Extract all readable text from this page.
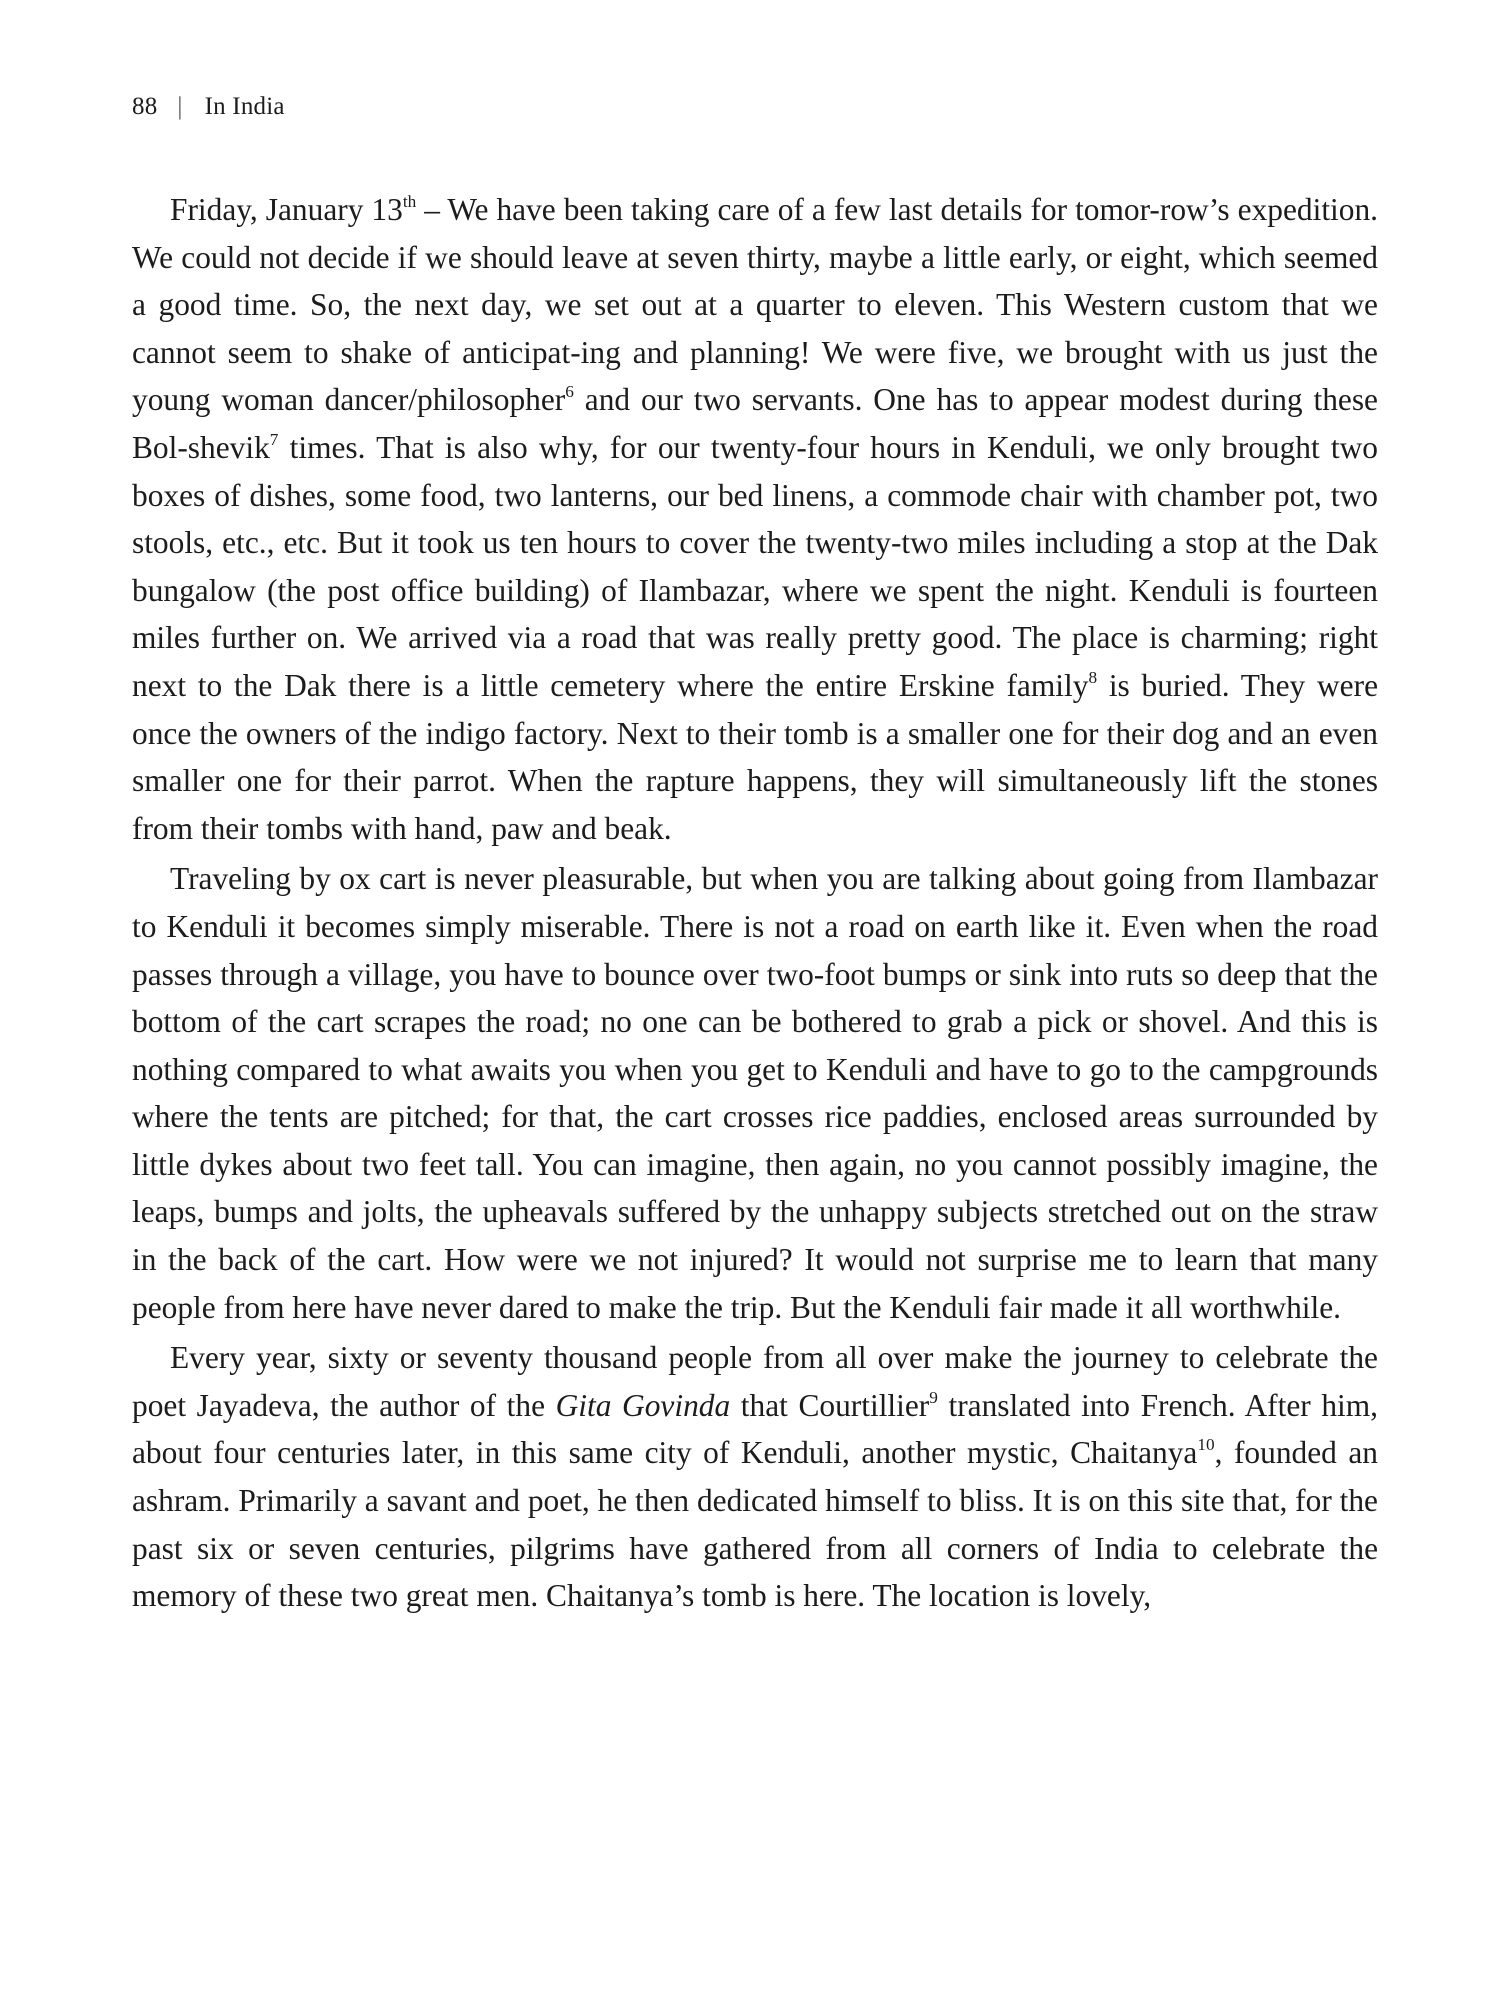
88 | In India

Friday, January 13th – We have been taking care of a few last details for tomor-row’s expedition. We could not decide if we should leave at seven thirty, maybe a little early, or eight, which seemed a good time. So, the next day, we set out at a quarter to eleven. This Western custom that we cannot seem to shake of anticipat-ing and planning! We were five, we brought with us just the young woman dancer/philosopher$^6$ and our two servants. One has to appear modest during these Bol-shevik$^7$ times. That is also why, for our twenty-four hours in Kenduli, we only brought two boxes of dishes, some food, two lanterns, our bed linens, a commode chair with chamber pot, two stools, etc., etc. But it took us ten hours to cover the twenty-two miles including a stop at the Dak bungalow (the post office building) of Ilambazar, where we spent the night. Kenduli is fourteen miles further on. We arrived via a road that was really pretty good. The place is charming; right next to the Dak there is a little cemetery where the entire Erskine family$^8$ is buried. They were once the owners of the indigo factory. Next to their tomb is a smaller one for their dog and an even smaller one for their parrot. When the rapture happens, they will simultaneously lift the stones from their tombs with hand, paw and beak.

Traveling by ox cart is never pleasurable, but when you are talking about going from Ilambazar to Kenduli it becomes simply miserable. There is not a road on earth like it. Even when the road passes through a village, you have to bounce over two-foot bumps or sink into ruts so deep that the bottom of the cart scrapes the road; no one can be bothered to grab a pick or shovel. And this is nothing compared to what awaits you when you get to Kenduli and have to go to the campgrounds where the tents are pitched; for that, the cart crosses rice paddies, enclosed areas surrounded by little dykes about two feet tall. You can imagine, then again, no you cannot possibly imagine, the leaps, bumps and jolts, the upheavals suffered by the unhappy subjects stretched out on the straw in the back of the cart. How were we not injured? It would not surprise me to learn that many people from here have never dared to make the trip. But the Kenduli fair made it all worthwhile.

Every year, sixty or seventy thousand people from all over make the journey to celebrate the poet Jayadeva, the author of the Gita Govinda that Courtillier$^9$ translated into French. After him, about four centuries later, in this same city of Kenduli, another mystic, Chaitanya$^{10}$, founded an ashram. Primarily a savant and poet, he then dedicated himself to bliss. It is on this site that, for the past six or seven centuries, pilgrims have gathered from all corners of India to celebrate the memory of these two great men. Chaitanya’s tomb is here. The location is lovely,
